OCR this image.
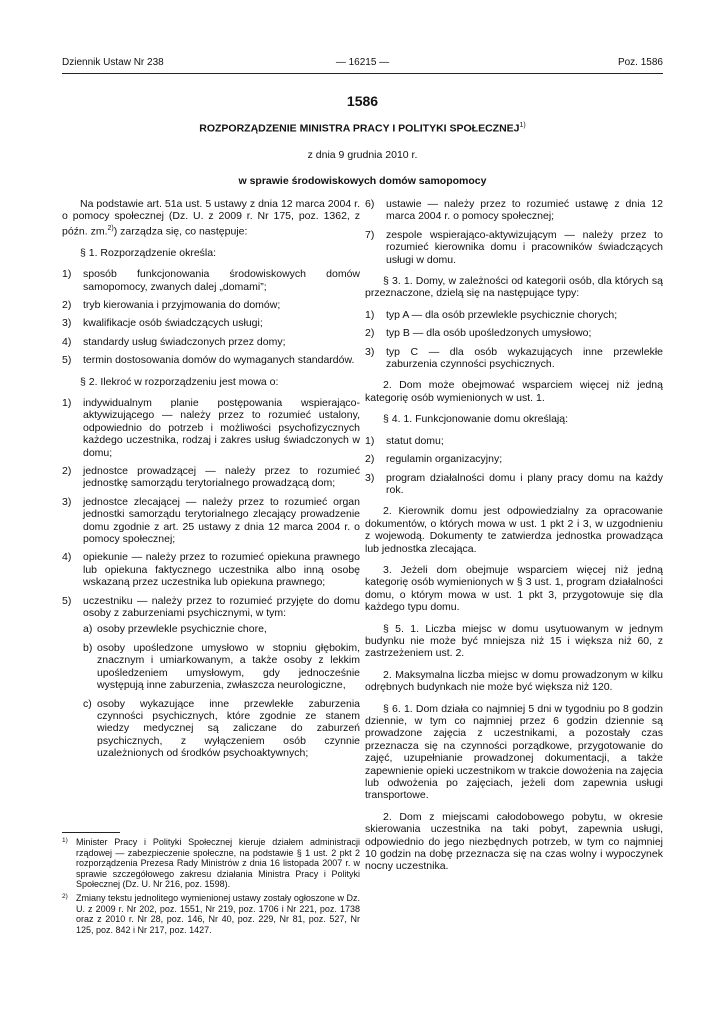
Dziennik Ustaw Nr 238	— 16215 —	Poz. 1586
1586
ROZPORZĄDZENIE MINISTRA PRACY I POLITYKI SPOŁECZNEJ$^{1)}$
z dnia 9 grudnia 2010 r.
w sprawie środowiskowych domów samopomocy

Na podstawie art. 51a ust. 5 ustawy z dnia 12 marca 2004 r. o pomocy społecznej (Dz. U. z 2009 r. Nr 175, poz. 1362, z późn. zm.$^{2)}$) zarządza się, co następuje:

§ 1. Rozporządzenie określa:

1) sposób funkcjonowania środowiskowych domów samopomocy, zwanych dalej „domami”;
2) tryb kierowania i przyjmowania do domów;
3) kwalifikacje osób świadczących usługi;
4) standardy usług świadczonych przez domy;
5) termin dostosowania domów do wymaganych standardów.

§ 2. Ilekroć w rozporządzeniu jest mowa o:

1) indywidualnym planie postępowania wspierająco-aktywizującego — należy przez to rozumieć ustalony, odpowiednio do potrzeb i możliwości psychofizycznych każdego uczestnika, rodzaj i zakres usług świadczonych w domu;
2) jednostce prowadzącej — należy przez to rozumieć jednostkę samorządu terytorialnego prowadzącą dom;
3) jednostce zlecającej — należy przez to rozumieć organ jednostki samorządu terytorialnego zlecający prowadzenie domu zgodnie z art. 25 ustawy z dnia 12 marca 2004 r. o pomocy społecznej;
4) opiekunie — należy przez to rozumieć opiekuna prawnego lub opiekuna faktycznego uczestnika albo inną osobę wskazaną przez uczestnika lub opiekuna prawnego;
5) uczestniku — należy przez to rozumieć przyjęte do domu osoby z zaburzeniami psychicznymi, w tym:
a) osoby przewlekle psychicznie chore,
b) osoby upośledzone umysłowo w stopniu głębokim, znacznym i umiarkowanym, a także osoby z lekkim upośledzeniem umysłowym, gdy jednocześnie występują inne zaburzenia, zwłaszcza neurologiczne,
c) osoby wykazujące inne przewlekłe zaburzenia czynności psychicznych, które zgodnie ze stanem wiedzy medycznej są zaliczane do zaburzeń psychicznych, z wyłączeniem osób czynnie uzależnionych od środków psychoaktywnych;
6) ustawie — należy przez to rozumieć ustawę z dnia 12 marca 2004 r. o pomocy społecznej;
7) zespole wspierająco-aktywizującym — należy przez to rozumieć kierownika domu i pracowników świadczących usługi w domu.

§ 3. 1. Domy, w zależności od kategorii osób, dla których są przeznaczone, dzielą się na następujące typy:

1) typ A — dla osób przewlekle psychicznie chorych;
2) typ B — dla osób upośledzonych umysłowo;
3) typ C — dla osób wykazujących inne przewlekłe zaburzenia czynności psychicznych.

2. Dom może obejmować wsparciem więcej niż jedną kategorię osób wymienionych w ust. 1.

§ 4. 1. Funkcjonowanie domu określają:

1) statut domu;
2) regulamin organizacyjny;
3) program działalności domu i plany pracy domu na każdy rok.

2. Kierownik domu jest odpowiedzialny za opracowanie dokumentów, o których mowa w ust. 1 pkt 2 i 3, w uzgodnieniu z wojewodą. Dokumenty te zatwierdza jednostka prowadząca lub jednostka zlecająca.

3. Jeżeli dom obejmuje wsparciem więcej niż jedną kategorię osób wymienionych w § 3 ust. 1, program działalności domu, o którym mowa w ust. 1 pkt 3, przygotowuje się dla każdego typu domu.

§ 5. 1. Liczba miejsc w domu usytuowanym w jednym budynku nie może być mniejsza niż 15 i większa niż 60, z zastrzeżeniem ust. 2.

2. Maksymalna liczba miejsc w domu prowadzonym w kilku odrębnych budynkach nie może być większa niż 120.

§ 6. 1. Dom działa co najmniej 5 dni w tygodniu po 8 godzin dziennie, w tym co najmniej przez 6 godzin dziennie są prowadzone zajęcia z uczestnikami, a pozostały czas przeznacza się na czynności porządkowe, przygotowanie do zajęć, uzupełnianie prowadzonej dokumentacji, a także zapewnienie opieki uczestnikom w trakcie dowożenia na zajęcia lub odwożenia po zajęciach, jeżeli dom zapewnia usługi transportowe.

2. Dom z miejscami całodobowego pobytu, w okresie skierowania uczestnika na taki pobyt, zapewnia usługi, odpowiednio do jego niezbędnych potrzeb, w tym co najmniej 10 godzin na dobę przeznacza się na czas wolny i wypoczynek nocny uczestnika.

1) Minister Pracy i Polityki Społecznej kieruje działem administracji rządowej — zabezpieczenie społeczne, na podstawie § 1 ust. 2 pkt 2 rozporządzenia Prezesa Rady Ministrów z dnia 16 listopada 2007 r. w sprawie szczegółowego zakresu działania Ministra Pracy i Polityki Społecznej (Dz. U. Nr 216, poz. 1598).
2) Zmiany tekstu jednolitego wymienionej ustawy zostały ogłoszone w Dz. U. z 2009 r. Nr 202, poz. 1551, Nr 219, poz. 1706 i Nr 221, poz. 1738 oraz z 2010 r. Nr 28, poz. 146, Nr 40, poz. 229, Nr 81, poz. 527, Nr 125, poz. 842 i Nr 217, poz. 1427.
